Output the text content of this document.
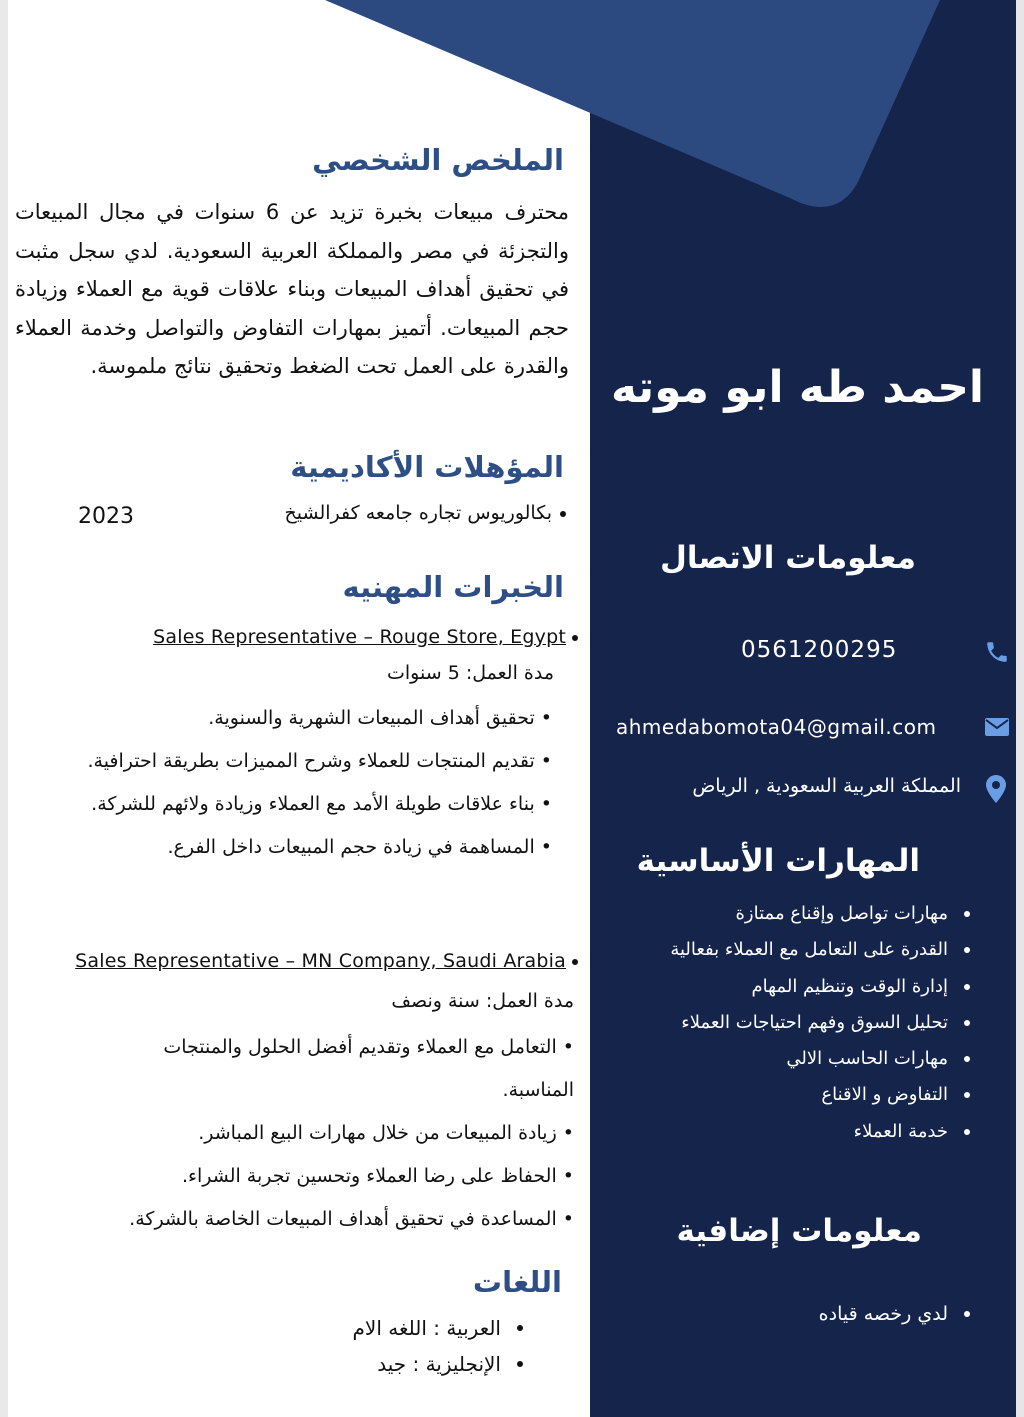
احمد طه ابو موته
معلومات الاتصال
0561200295
ahmedabomota04@gmail.com
المملكة العربية السعودية , الرياض
المهارات الأساسية
مهارات تواصل وإقناع ممتازة
القدرة على التعامل مع العملاء بفعالية
إدارة الوقت وتنظيم المهام
تحليل السوق وفهم احتياجات العملاء
مهارات الحاسب الالي
التفاوض و الاقناع
خدمة العملاء
معلومات إضافية
لدي رخصه قياده
الملخص الشخصي

محترف مبيعات بخبرة تزيد عن 6 سنوات في مجال المبيعات والتجزئة في مصر والمملكة العربية السعودية. لدي سجل مثبت في تحقيق أهداف المبيعات وبناء علاقات قوية مع العملاء وزيادة حجم المبيعات. أتميز بمهارات التفاوض والتواصل وخدمة العملاء والقدرة على العمل تحت الضغط وتحقيق نتائج ملموسة.

المؤهلات الأكاديمية
بكالوريوس تجاره جامعه كفرالشيخ
2023
الخبرات المهنيه
Sales Representative – Rouge Store, Egypt
مدة العمل: 5 سنوات
• تحقيق أهداف المبيعات الشهرية والسنوية.
• تقديم المنتجات للعملاء وشرح المميزات بطريقة احترافية.
• بناء علاقات طويلة الأمد مع العملاء وزيادة ولائهم للشركة.
• المساهمة في زيادة حجم المبيعات داخل الفرع.
Sales Representative – MN Company, Saudi Arabia
مدة العمل: سنة ونصف
• التعامل مع العملاء وتقديم أفضل الحلول والمنتجات المناسبة.
• زيادة المبيعات من خلال مهارات البيع المباشر.
• الحفاظ على رضا العملاء وتحسين تجربة الشراء.
• المساعدة في تحقيق أهداف المبيعات الخاصة بالشركة.
اللغات
العربية : اللغه الام
الإنجليزية : جيد
